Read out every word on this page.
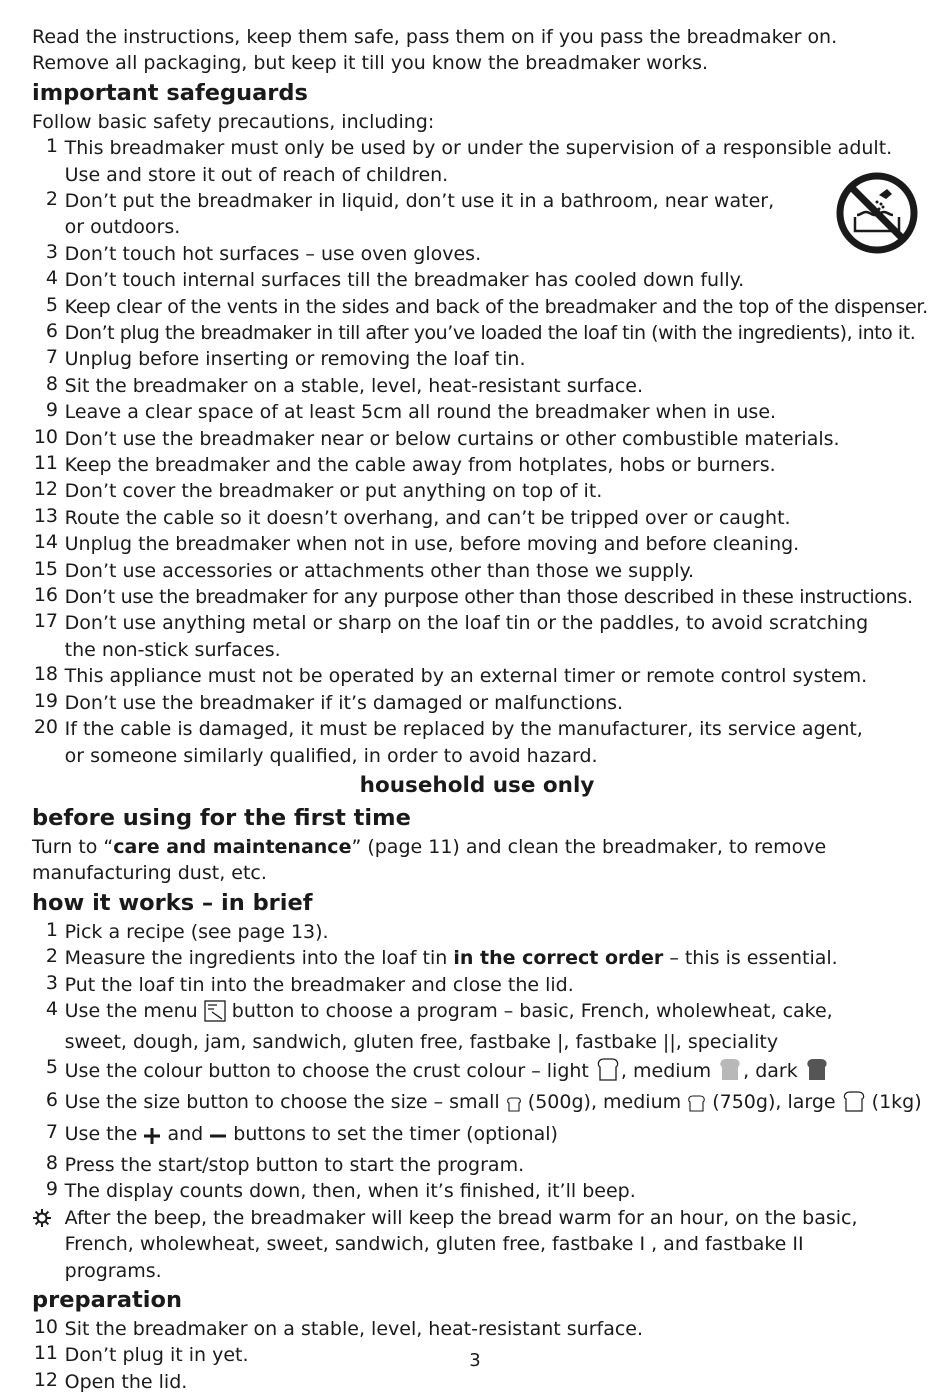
Read the instructions, keep them safe, pass them on if you pass the breadmaker on.
Remove all packaging, but keep it till you know the breadmaker works.
important safeguards
Follow basic safety precautions, including:
1 This breadmaker must only be used by or under the supervision of a responsible adult. Use and store it out of reach of children.
2 Don’t put the breadmaker in liquid, don’t use it in a bathroom, near water, or outdoors.
3 Don’t touch hot surfaces – use oven gloves.
4 Don’t touch internal surfaces till the breadmaker has cooled down fully.
5 Keep clear of the vents in the sides and back of the breadmaker and the top of the dispenser.
6 Don’t plug the breadmaker in till after you’ve loaded the loaf tin (with the ingredients), into it.
7 Unplug before inserting or removing the loaf tin.
8 Sit the breadmaker on a stable, level, heat-resistant surface.
9 Leave a clear space of at least 5cm all round the breadmaker when in use.
10 Don’t use the breadmaker near or below curtains or other combustible materials.
11 Keep the breadmaker and the cable away from hotplates, hobs or burners.
12 Don’t cover the breadmaker or put anything on top of it.
13 Route the cable so it doesn’t overhang, and can’t be tripped over or caught.
14 Unplug the breadmaker when not in use, before moving and before cleaning.
15 Don’t use accessories or attachments other than those we supply.
16 Don’t use the breadmaker for any purpose other than those described in these instructions.
17 Don’t use anything metal or sharp on the loaf tin or the paddles, to avoid scratching the non-stick surfaces.
18 This appliance must not be operated by an external timer or remote control system.
19 Don’t use the breadmaker if it’s damaged or malfunctions.
20 If the cable is damaged, it must be replaced by the manufacturer, its service agent, or someone similarly qualified, in order to avoid hazard.
household use only
before using for the first time
Turn to “care and maintenance” (page 11) and clean the breadmaker, to remove manufacturing dust, etc.
how it works – in brief
1 Pick a recipe (see page 13).
2 Measure the ingredients into the loaf tin in the correct order – this is essential.
3 Put the loaf tin into the breadmaker and close the lid.
4 Use the menu  button to choose a program – basic, French, wholewheat, cake, sweet, dough, jam, sandwich, gluten free, fastbake |, fastbake ||, speciality
5 Use the colour button to choose the crust colour – light , medium , dark
6 Use the size button to choose the size – small  (500g), medium  (750g), large  (1kg)
7 Use the  and  buttons to set the timer (optional)
8 Press the start/stop button to start the program.
9 The display counts down, then, when it’s finished, it’ll beep.
After the beep, the breadmaker will keep the bread warm for an hour, on the basic, French, wholewheat, sweet, sandwich, gluten free, fastbake I , and fastbake II programs.
preparation
10 Sit the breadmaker on a stable, level, heat-resistant surface.
11 Don’t plug it in yet.
12 Open the lid.
3
